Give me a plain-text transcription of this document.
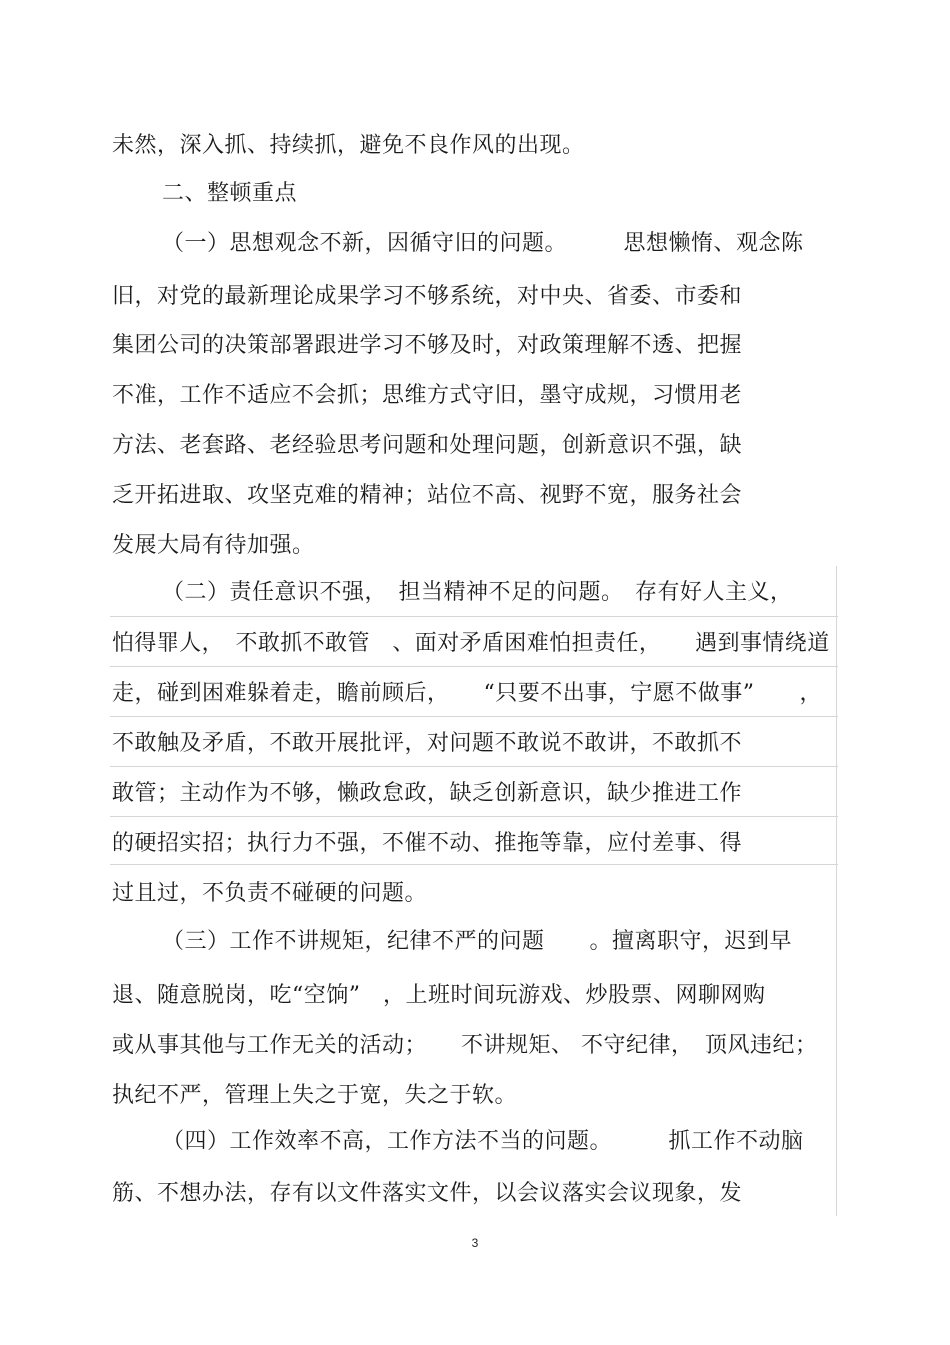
未然，深入抓、持续抓，避免不良作风的出现。
二、整顿重点
（一）思想观念不新，因循守旧的问题。　　　思想懒惰、观念陈
旧，对党的最新理论成果学习不够系统，对中央、省委、市委和
集团公司的决策部署跟进学习不够及时，对政策理解不透、把握
不准，工作不适应不会抓；思维方式守旧，墨守成规，习惯用老
方法、老套路、老经验思考问题和处理问题，创新意识不强，缺
乏开拓进取、攻坚克难的精神；站位不高、视野不宽，服务社会
发展大局有待加强。
（二）责任意识不强，　担当精神不足的问题。　存有好人主义，
怕得罪人，　不敢抓不敢管　、面对矛盾困难怕担责任，　　遇到事情绕道
走，碰到困难躲着走，瞻前顾后，　　“只要不出事，宁愿不做事”　　，
不敢触及矛盾，不敢开展批评，对问题不敢说不敢讲，不敢抓不
敢管；主动作为不够，懒政怠政，缺乏创新意识，缺少推进工作
的硬招实招；执行力不强，不催不动、推拖等靠，应付差事、得
过且过，不负责不碰硬的问题。
（三）工作不讲规矩，纪律不严的问题　　。擅离职守，迟到早
退、随意脱岗，吃“空饷”　，上班时间玩游戏、炒股票、网聊网购
或从事其他与工作无关的活动；　　不讲规矩、 不守纪律，　顶风违纪；
执纪不严，管理上失之于宽，失之于软。
（四）工作效率不高，工作方法不当的问题。　　　抓工作不动脑
筋、不想办法，存有以文件落实文件，以会议落实会议现象，发
3
